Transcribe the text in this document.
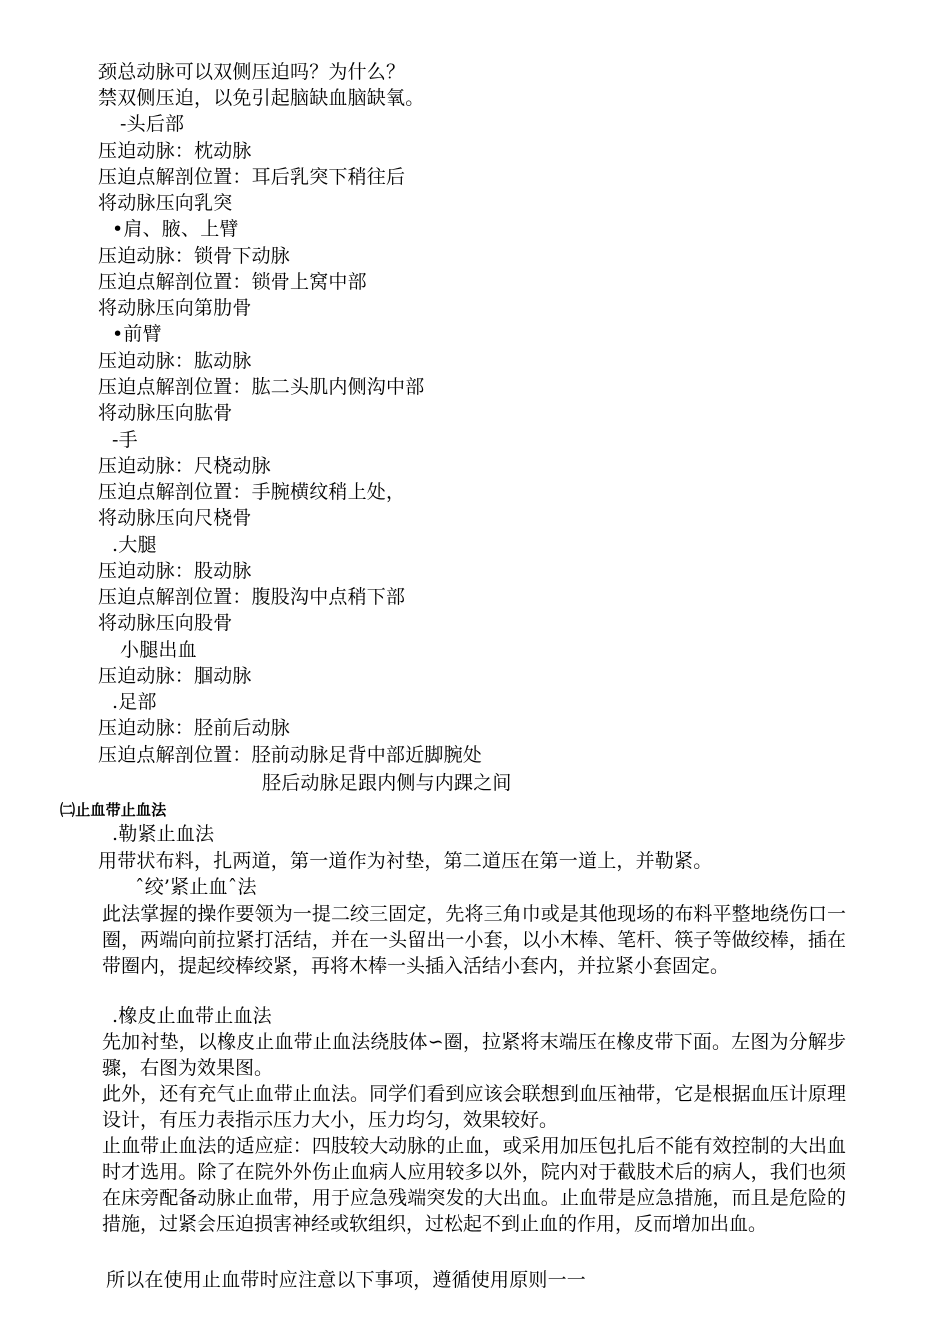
颈总动脉可以双侧压迫吗？为什么？
禁双侧压迫，以免引起脑缺血脑缺氧。
-头后部
压迫动脉：枕动脉
压迫点解剖位置：耳后乳突下稍往后
将动脉压向乳突
•肩、腋、上臂
压迫动脉：锁骨下动脉
压迫点解剖位置：锁骨上窝中部
将动脉压向第肋骨
•前臂
压迫动脉：肱动脉
压迫点解剖位置：肱二头肌内侧沟中部
将动脉压向肱骨
-手
压迫动脉：尺桡动脉
压迫点解剖位置：手腕横纹稍上处，
将动脉压向尺桡骨
.大腿
压迫动脉：股动脉
压迫点解剖位置：腹股沟中点稍下部
将动脉压向股骨
小腿出血
压迫动脉：腘动脉
.足部
压迫动脉：胫前后动脉
压迫点解剖位置：胫前动脉足背中部近脚腕处
胫后动脉足跟内侧与内踝之间
㈡止血带止血法
.勒紧止血法
用带状布料，扎两道，第一道作为衬垫，第二道压在第一道上，并勒紧。
ˆ绞’紧止血ˆ法
此法掌握的操作要领为一提二绞三固定，先将三角巾或是其他现场的布料平整地绕伤口一圈，两端向前拉紧打活结，并在一头留出一小套，以小木棒、笔杆、筷子等做绞棒，插在带圈内，提起绞棒绞紧，再将木棒一头插入活结小套内，并拉紧小套固定。
.橡皮止血带止血法
先加衬垫，以橡皮止血带止血法绕肢体∽圈，拉紧将末端压在橡皮带下面。左图为分解步骤，右图为效果图。
此外，还有充气止血带止血法。同学们看到应该会联想到血压袖带，它是根据血压计原理设计，有压力表指示压力大小，压力均匀，效果较好。
止血带止血法的适应症：四肢较大动脉的止血，或采用加压包扎后不能有效控制的大出血时才选用。除了在院外外伤止血病人应用较多以外，院内对于截肢术后的病人，我们也须在床旁配备动脉止血带，用于应急残端突发的大出血。止血带是应急措施，而且是危险的措施，过紧会压迫损害神经或软组织，过松起不到止血的作用，反而增加出血。
所以在使用止血带时应注意以下事项，遵循使用原则一一
